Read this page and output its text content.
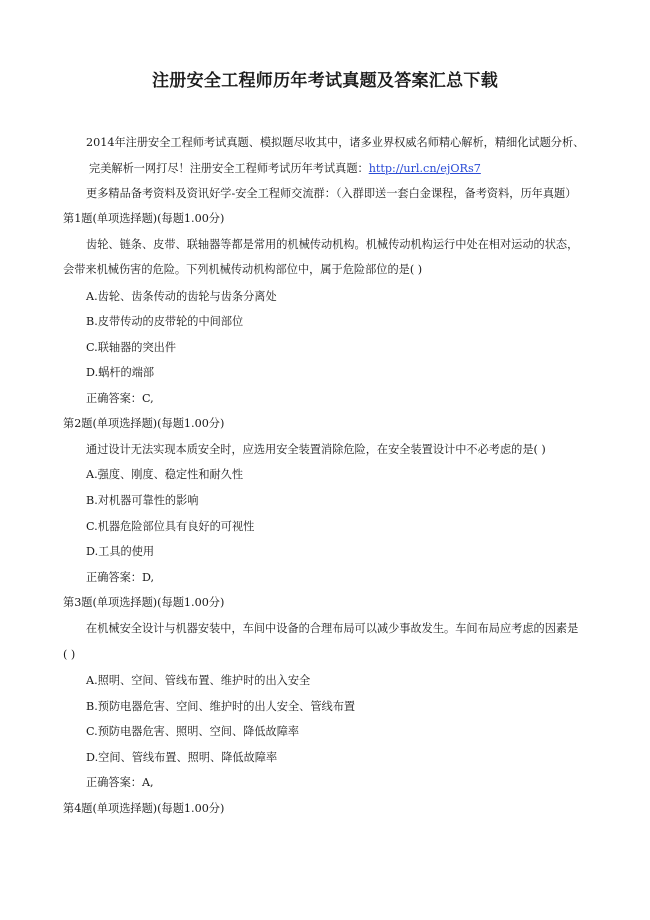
注册安全工程师历年考试真题及答案汇总下载
2014年注册安全工程师考试真题、模拟题尽收其中，诸多业界权威名师精心解析，精细化试题分析、
完美解析一网打尽！注册安全工程师考试历年考试真题：http://url.cn/ejORs7
更多精品备考资料及资讯好学-安全工程师交流群：（入群即送一套白金课程，备考资料，历年真题）
第1题(单项选择题)(每题1.00分)
齿轮、链条、皮带、联轴器等都是常用的机械传动机构。机械传动机构运行中处在相对运动的状态，
会带来机械伤害的危险。下列机械传动机构部位中，属于危险部位的是( )
A.齿轮、齿条传动的齿轮与齿条分离处
B.皮带传动的皮带轮的中间部位
C.联轴器的突出件
D.蜗杆的端部
正确答案：C,
第2题(单项选择题)(每题1.00分)
通过设计无法实现本质安全时，应选用安全装置消除危险，在安全装置设计中不必考虑的是( )
A.强度、刚度、稳定性和耐久性
B.对机器可靠性的影响
C.机器危险部位具有良好的可视性
D.工具的使用
正确答案：D,
第3题(单项选择题)(每题1.00分)
在机械安全设计与机器安装中，车间中设备的合理布局可以减少事故发生。车间布局应考虑的因素是
( )
A.照明、空间、管线布置、维护时的出入安全
B.预防电器危害、空间、维护时的出人安全、管线布置
C.预防电器危害、照明、空间、降低故障率
D.空间、管线布置、照明、降低故障率
正确答案：A,
第4题(单项选择题)(每题1.00分)
